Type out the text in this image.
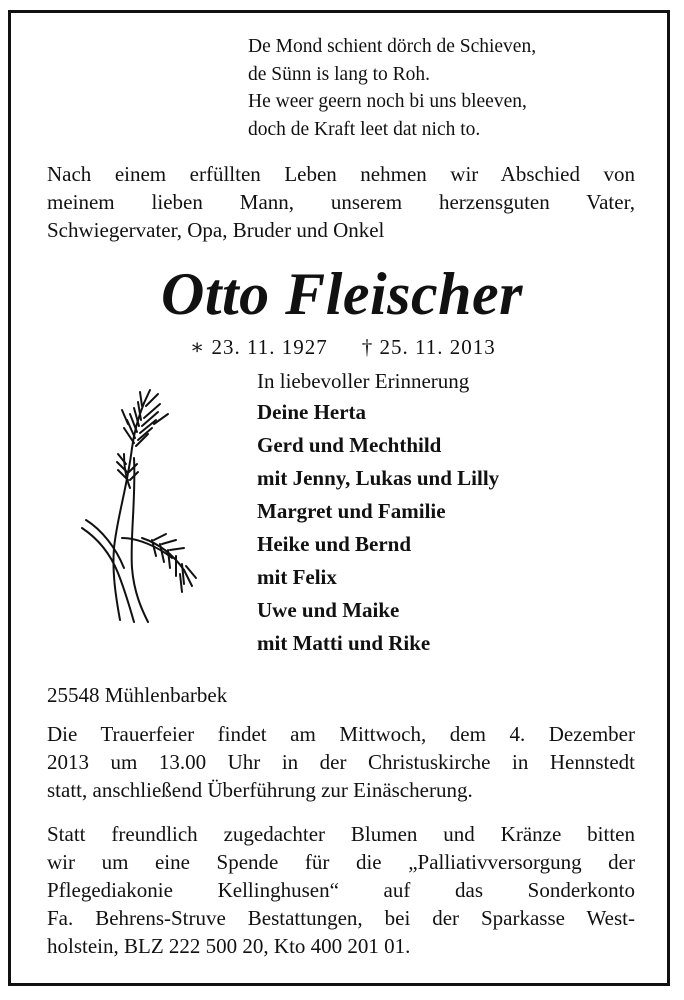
De Mond schient dörch de Schieven,
de Sünn is lang to Roh.
He weer geern noch bi uns bleeven,
doch de Kraft leet dat nich to.
Nach einem erfüllten Leben nehmen wir Abschied von
meinem lieben Mann, unserem herzensguten Vater,
Schwiegervater, Opa, Bruder und Onkel
Otto Fleischer
∗ 23. 11. 1927 † 25. 11. 2013
In liebevoller Erinnerung
Deine Herta
Gerd und Mechthild
mit Jenny, Lukas und Lilly
Margret und Familie
Heike und Bernd
mit Felix
Uwe und Maike
mit Matti und Rike
25548 Mühlenbarbek
Die Trauerfeier findet am Mittwoch, dem 4. Dezember
2013 um 13.00 Uhr in der Christuskirche in Hennstedt
statt, anschließend Überführung zur Einäscherung.
Statt freundlich zugedachter Blumen und Kränze bitten
wir um eine Spende für die „Palliativversorgung der
Pflegediakonie Kellinghusen“ auf das Sonderkonto
Fa. Behrens-Struve Bestattungen, bei der Sparkasse West-
holstein, BLZ 222 500 20, Kto 400 201 01.
